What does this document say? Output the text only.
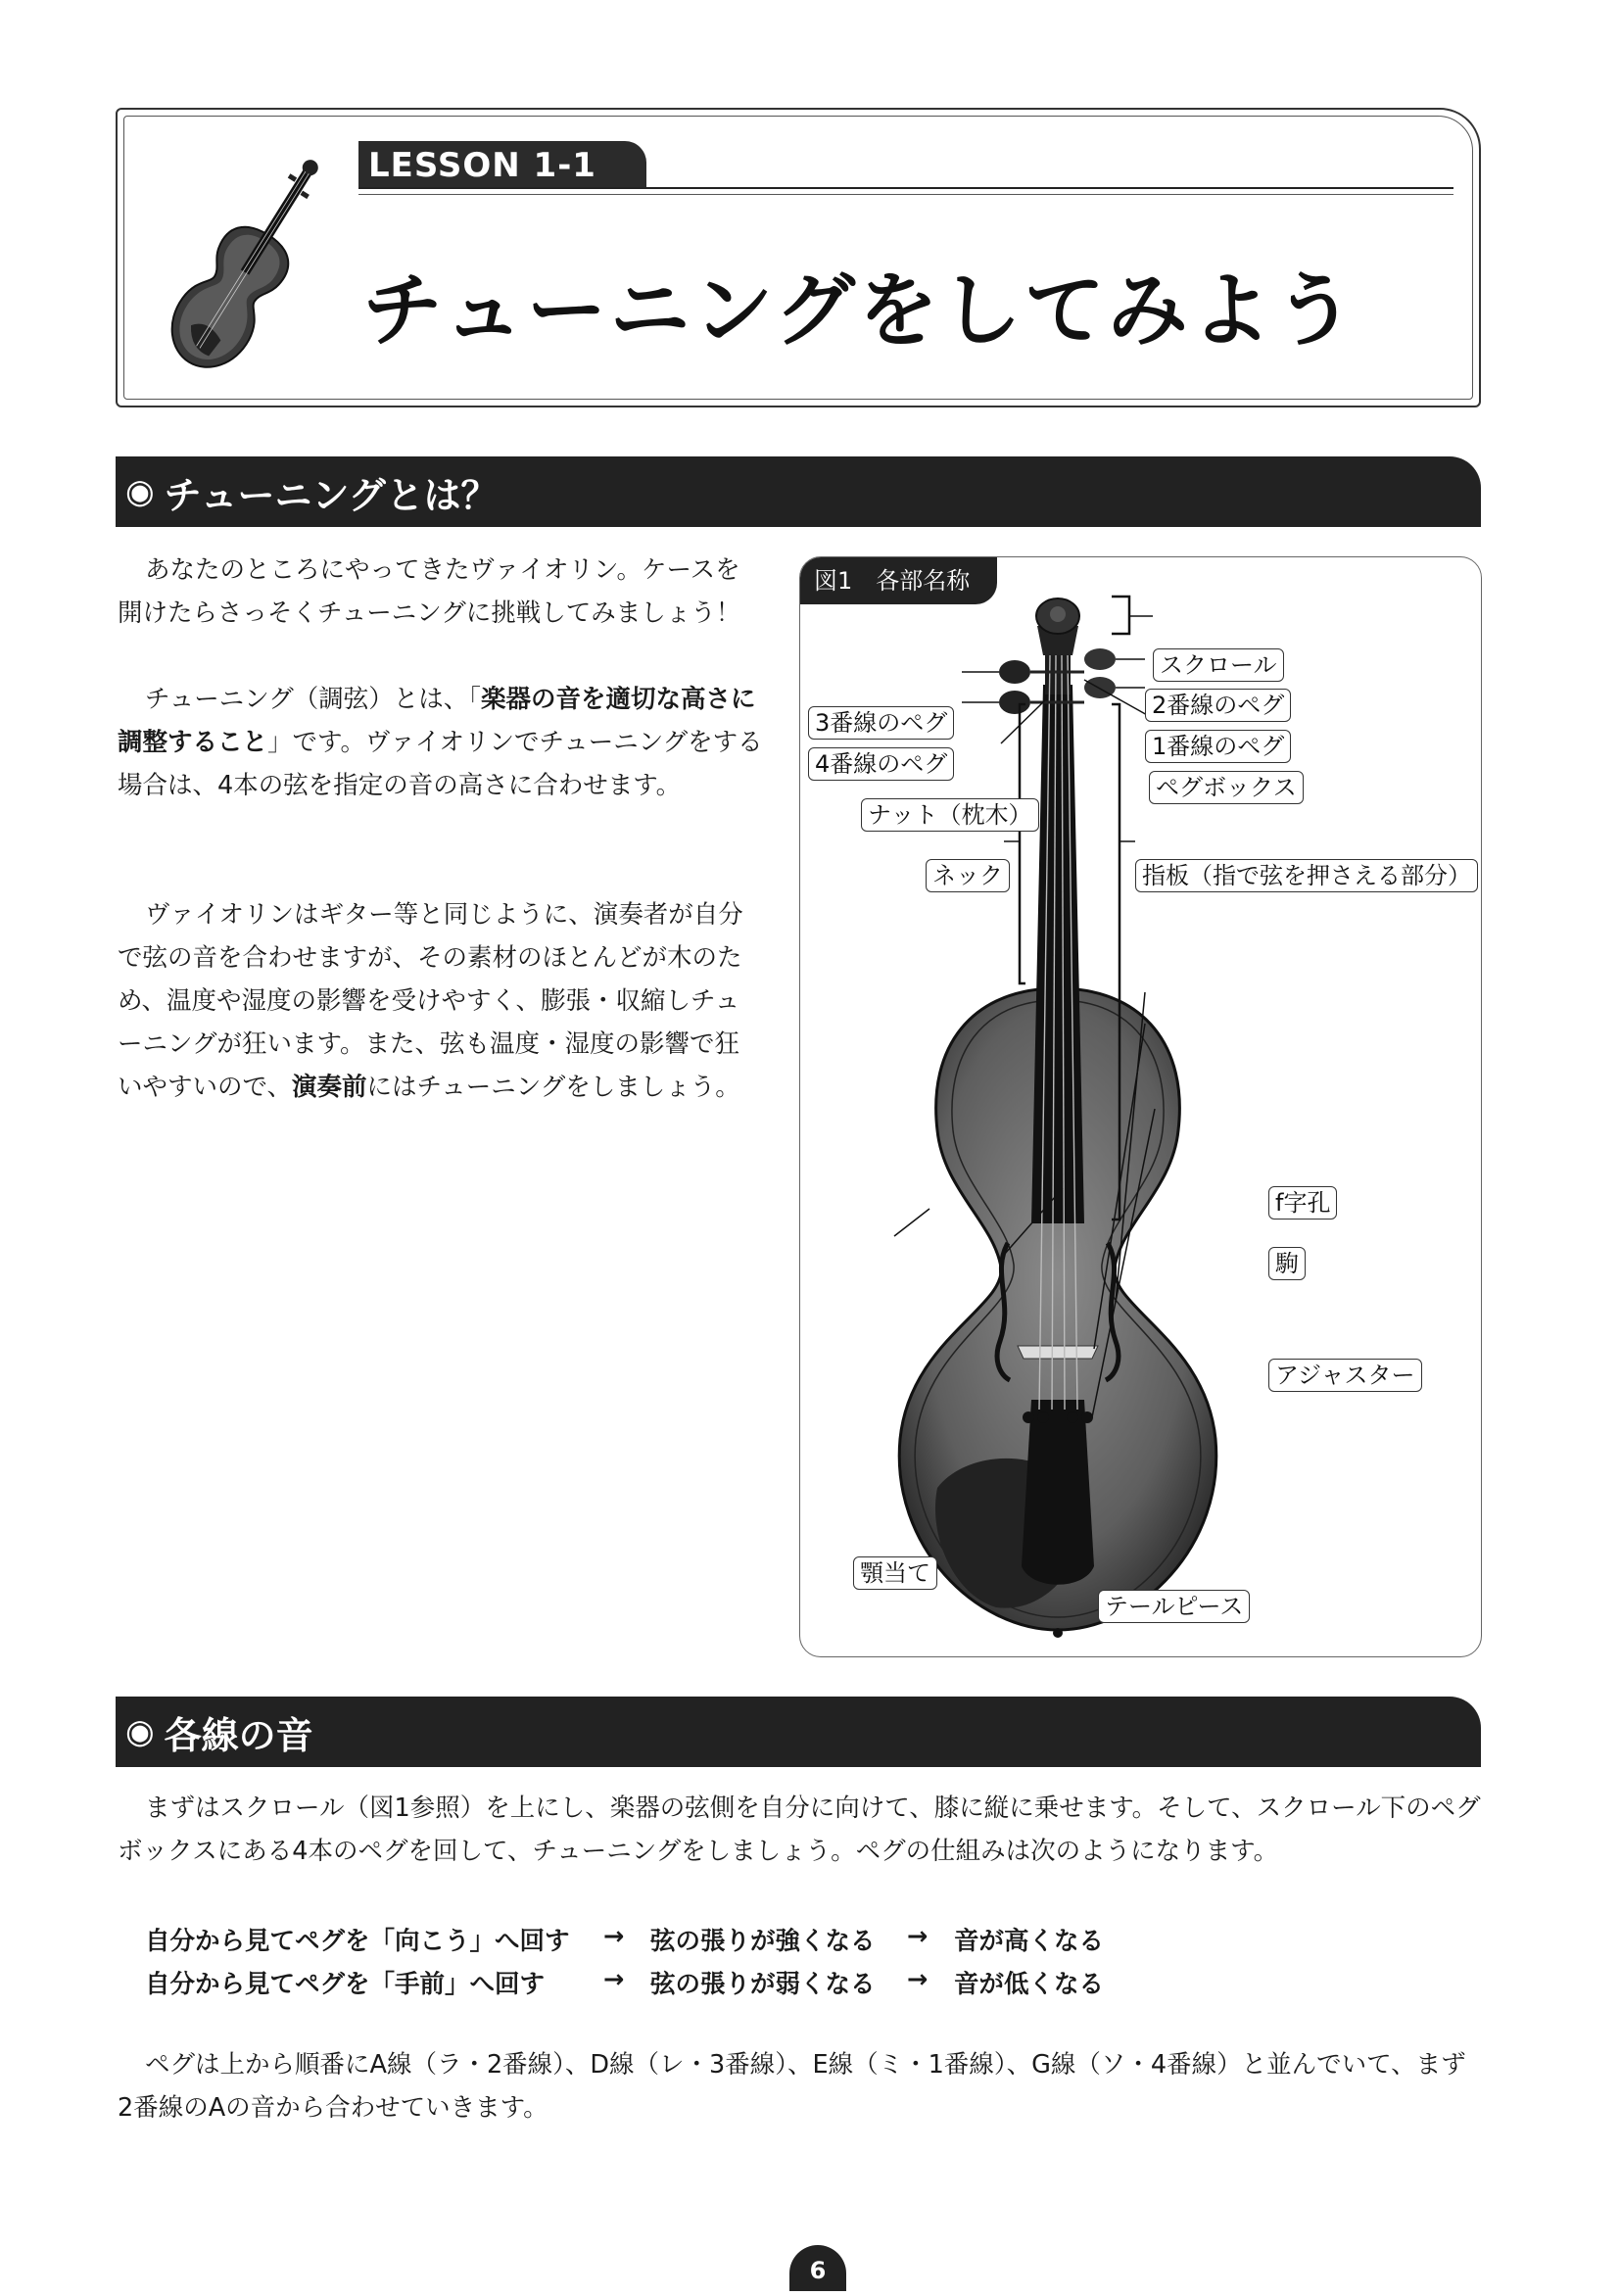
LESSON 1-1
チューニングをしてみよう
◉ チューニングとは？

あなたのところにやってきたヴァイオリン。ケースを開けたらさっそくチューニングに挑戦してみましょう！

チューニング（調弦）とは、「楽器の音を適切な高さに調整すること」です。ヴァイオリンでチューニングをする場合は、4本の弦を指定の音の高さに合わせます。

ヴァイオリンはギター等と同じように、演奏者が自分で弦の音を合わせますが、その素材のほとんどが木のため、温度や湿度の影響を受けやすく、膨張・収縮しチューニングが狂います。また、弦も温度・湿度の影響で狂いやすいので、演奏前にはチューニングをしましょう。

図1　各部名称
スクロール
2番線のペグ
1番線のペグ
3番線のペグ
4番線のペグ
ペグボックス
ナット（枕木）
ネック	指板（指で弦を押さえる部分）
f字孔
駒
アジャスター
顎当て
テールピース
◉ 各線の音

まずはスクロール（図1参照）を上にし、楽器の弦側を自分に向けて、膝に縦に乗せます。そして、スクロール下のペグボックスにある4本のペグを回して、チューニングをしましょう。ペグの仕組みは次のようになります。

自分から見てペグを「向こう」へ回す → 弦の張りが強くなる → 音が高くなる
自分から見てペグを「手前」へ回す → 弦の張りが弱くなる → 音が低くなる

ペグは上から順番にA線（ラ・2番線）、D線（レ・3番線）、E線（ミ・1番線）、G線（ソ・4番線）と並んでいて、まず2番線のAの音から合わせていきます。

6
